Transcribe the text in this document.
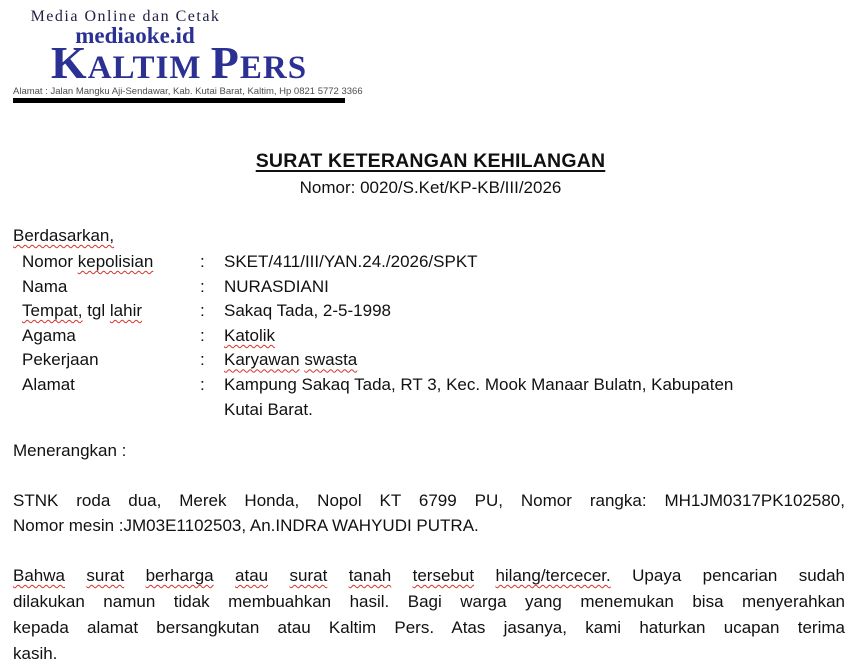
Media Online dan Cetak
mediaoke.id
KALTIM PERS
Alamat : Jalan Mangku Aji-Sendawar, Kab. Kutai Barat, Kaltim, Hp 0821 5772 3366
SURAT KETERANGAN KEHILANGAN
Nomor: 0020/S.Ket/KP-KB/III/2026
Berdasarkan,
Nomor kepolisian	:	SKET/411/III/YAN.24./2026/SPKT
Nama	:	NURASDIANI
Tempat, tgl lahir	:	Sakaq Tada, 2-5-1998
Agama	:	Katolik
Pekerjaan	:	Karyawan swasta
Alamat	:	Kampung Sakaq Tada, RT 3, Kec. Mook Manaar Bulatn, Kabupaten
Kutai Barat.
Menerangkan :
STNK roda dua, Merek Honda, Nopol KT 6799 PU, Nomor rangka: MH1JM0317PK102580,
Nomor mesin :JM03E1102503, An.INDRA WAHYUDI PUTRA.
Bahwa surat berharga atau surat tanah tersebut hilang/tercecer. Upaya pencarian sudah
dilakukan namun tidak membuahkan hasil. Bagi warga yang menemukan bisa menyerahkan
kepada alamat bersangkutan atau Kaltim Pers. Atas jasanya, kami haturkan ucapan terima
kasih.
